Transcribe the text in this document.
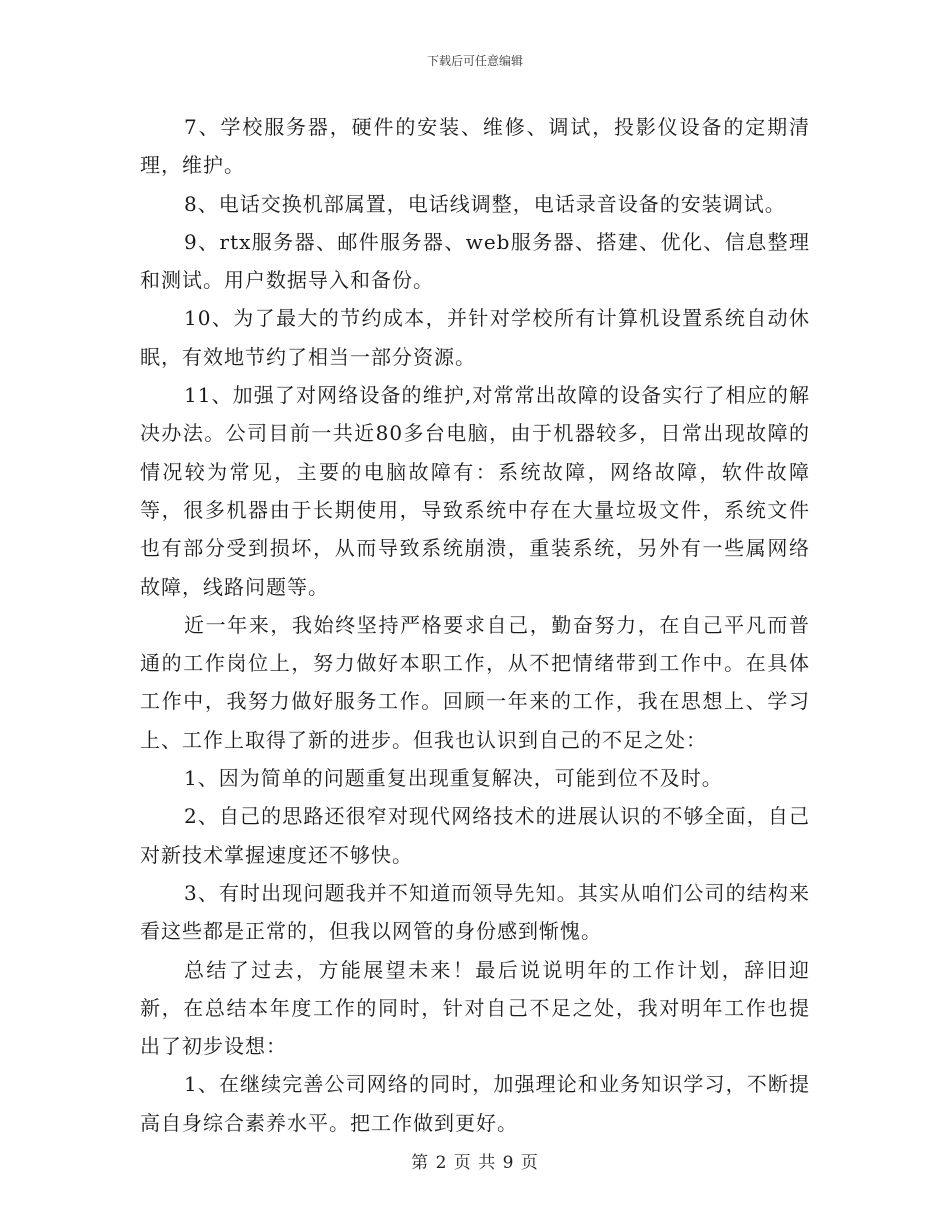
下载后可任意编辑

7、学校服务器，硬件的安装、维修、调试，投影仪设备的定期清理，维护。

8、电话交换机部属置，电话线调整，电话录音设备的安装调试。

9、rtx服务器、邮件服务器、web服务器、搭建、优化、信息整理和测试。用户数据导入和备份。

10、为了最大的节约成本，并针对学校所有计算机设置系统自动休眠，有效地节约了相当一部分资源。

11、加强了对网络设备的维护,对常常出故障的设备实行了相应的解决办法。公司目前一共近80多台电脑，由于机器较多，日常出现故障的情况较为常见，主要的电脑故障有：系统故障，网络故障，软件故障等，很多机器由于长期使用，导致系统中存在大量垃圾文件，系统文件也有部分受到损坏，从而导致系统崩溃，重装系统，另外有一些属网络故障，线路问题等。

近一年来，我始终坚持严格要求自己，勤奋努力，在自己平凡而普通的工作岗位上，努力做好本职工作，从不把情绪带到工作中。在具体工作中，我努力做好服务工作。回顾一年来的工作，我在思想上、学习上、工作上取得了新的进步。但我也认识到自己的不足之处：

1、因为简单的问题重复出现重复解决，可能到位不及时。

2、自己的思路还很窄对现代网络技术的进展认识的不够全面，自己对新技术掌握速度还不够快。

3、有时出现问题我并不知道而领导先知。其实从咱们公司的结构来看这些都是正常的，但我以网管的身份感到惭愧。

总结了过去，方能展望未来！最后说说明年的工作计划，辞旧迎新，在总结本年度工作的同时，针对自己不足之处，我对明年工作也提出了初步设想：

1、在继续完善公司网络的同时，加强理论和业务知识学习，不断提高自身综合素养水平。把工作做到更好。

第 2 页 共 9 页
